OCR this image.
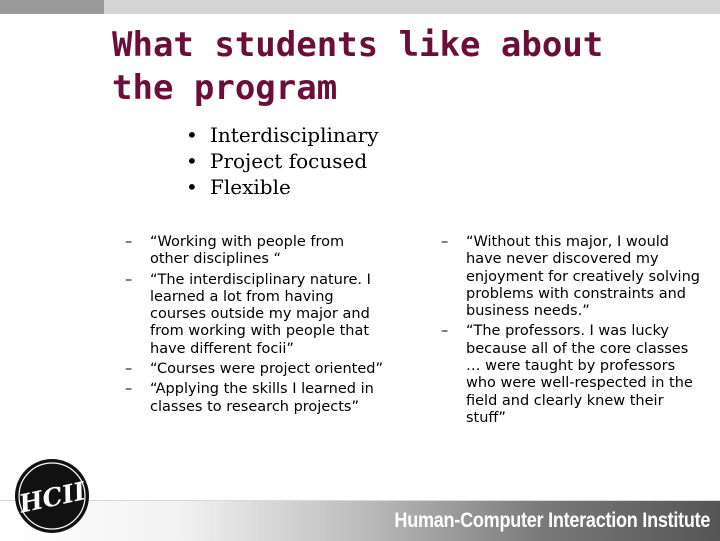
What students like about the program
• Interdisciplinary
• Project focused
• Flexible
– “Working with people from other disciplines “
– “The interdisciplinary nature. I learned a lot from having courses outside my major and from working with people that have different focii”
– “Courses were project oriented”
– “Applying the skills I learned in classes to research projects”
– “Without this major, I would have never discovered my enjoyment for creatively solving problems with constraints and business needs.”
– “The professors. I was lucky because all of the core classes … were taught by professors who were well-respected in the field and clearly knew their stuff”
Human-Computer Interaction Institute
HCII
